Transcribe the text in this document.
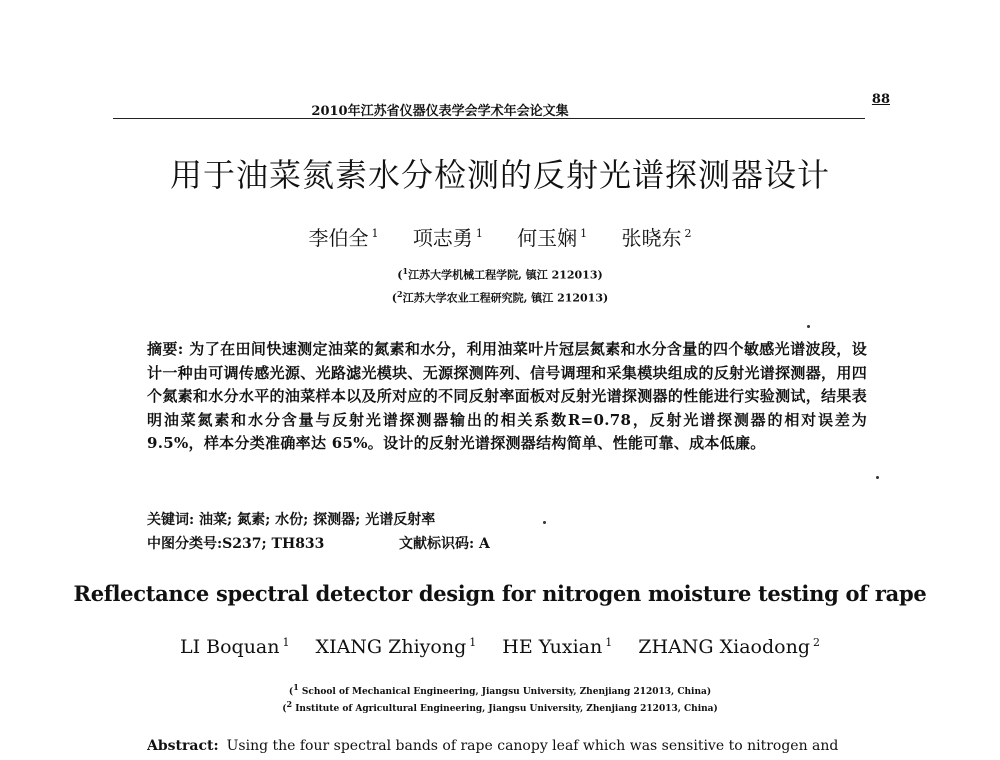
2010年江苏省仪器仪表学会学术年会论文集
88
用于油菜氮素水分检测的反射光谱探测器设计
李伯全 $^1$ 项志勇 $^1$ 何玉娴 $^1$ 张晓东 $^2$
($^1$江苏大学机械工程学院, 镇江 212013)
($^2$江苏大学农业工程研究院, 镇江 212013)
摘要: 为了在田间快速测定油菜的氮素和水分，利用油菜叶片冠层氮素和水分含量的四个敏感光谱波段，设计一种由可调传感光源、光路滤光模块、无源探测阵列、信号调理和采集模块组成的反射光谱探测器，用四个氮素和水分水平的油菜样本以及所对应的不同反射率面板对反射光谱探测器的性能进行实验测试，结果表明油菜氮素和水分含量与反射光谱探测器输出的相关系数R=0.78，反射光谱探测器的相对误差为 9.5%，样本分类准确率达 65%。设计的反射光谱探测器结构简单、性能可靠、成本低廉。
关键词: 油菜; 氮素; 水份; 探测器; 光谱反射率
中图分类号:S237; TH833	文献标识码: A
Reflectance spectral detector design for nitrogen moisture testing of rape
LI Boquan $^1$ XIANG Zhiyong $^1$ HE Yuxian $^1$ ZHANG Xiaodong $^2$
($^1$ School of Mechanical Engineering, Jiangsu University, Zhenjiang 212013, China)
($^2$ Institute of Agricultural Engineering, Jiangsu University, Zhenjiang 212013, China)
Abstract: Using the four spectral bands of rape canopy leaf which was sensitive to nitrogen and
